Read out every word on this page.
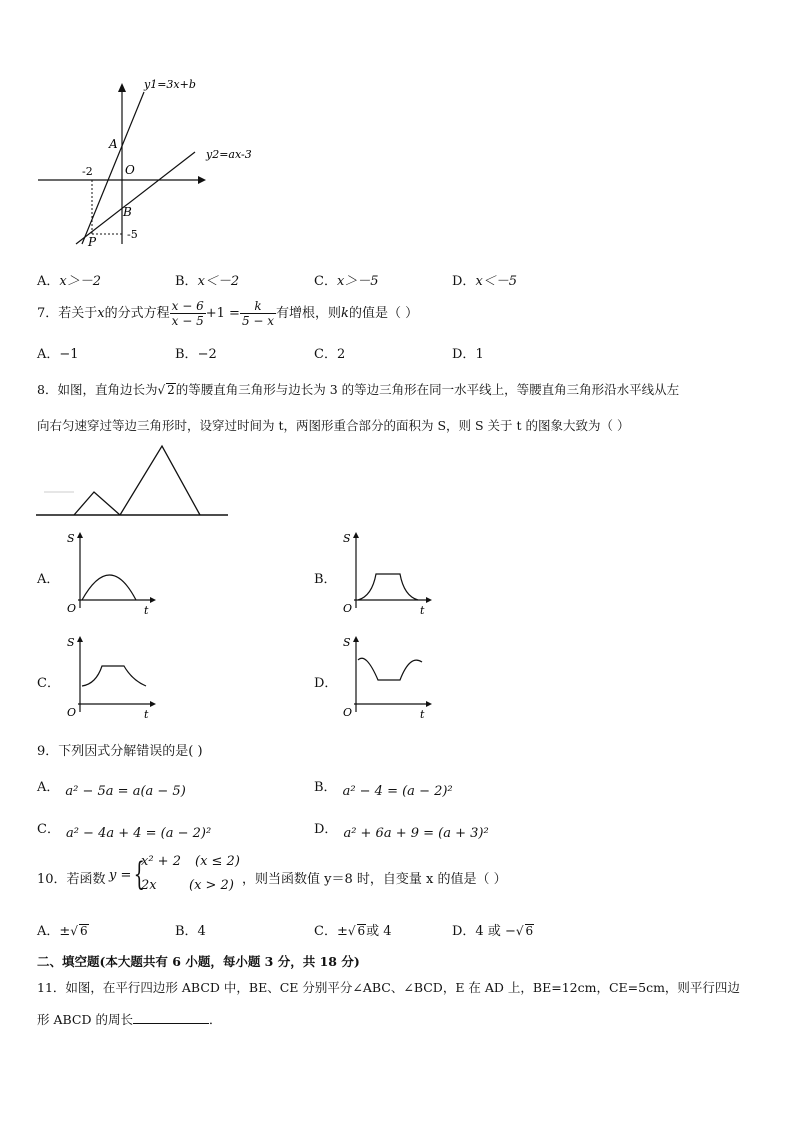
y1=3x+b
y2=ax-3
A
O
B
P
-2
-5
A．x＞－2	B．x＜－2	C．x＞－5	D．x＜－5
7．若关于x的分式方程 $\frac{x - 6}{x - 5} +1 = \frac{k}{5 - x}$ 有增根，则k的值是（ ）
A．−1	B．−2	C．2	D．1
8．如图，直角边长为√ 2的等腰直角三角形与边长为 3 的等边三角形在同一水平线上，等腰直角三角形沿水平线从左
向右匀速穿过等边三角形时，设穿过时间为 t，两图形重合部分的面积为 S，则 S 关于 t 的图象大致为（ ）
A．
S
O	t
B．
S
O	t
C．
S
O	t
D．
S
O	t
9．下列因式分解错误的是( )
A． a² − 5a = a(a − 5)	B． a² − 4 = (a − 2)²
C． a² − 4a + 4 = (a − 2)²	D． a² + 6a + 9 = (a + 3)²
10．若函数 y = {
x² + 2 (x ≤ 2)
2x (x > 2) ，则当函数值 y＝8 时，自变量 x 的值是（ ）
A．±√ 6	B．4	C．±√ 6或 4	D．4 或 −√ 6
二、填空题(本大题共有 6 小题，每小题 3 分，共 18 分)
11．如图，在平行四边形 ABCD 中，BE、CE 分别平分∠ABC、∠BCD，E 在 AD 上，BE=12cm，CE=5cm，则平行四边
形 ABCD 的周长	．
